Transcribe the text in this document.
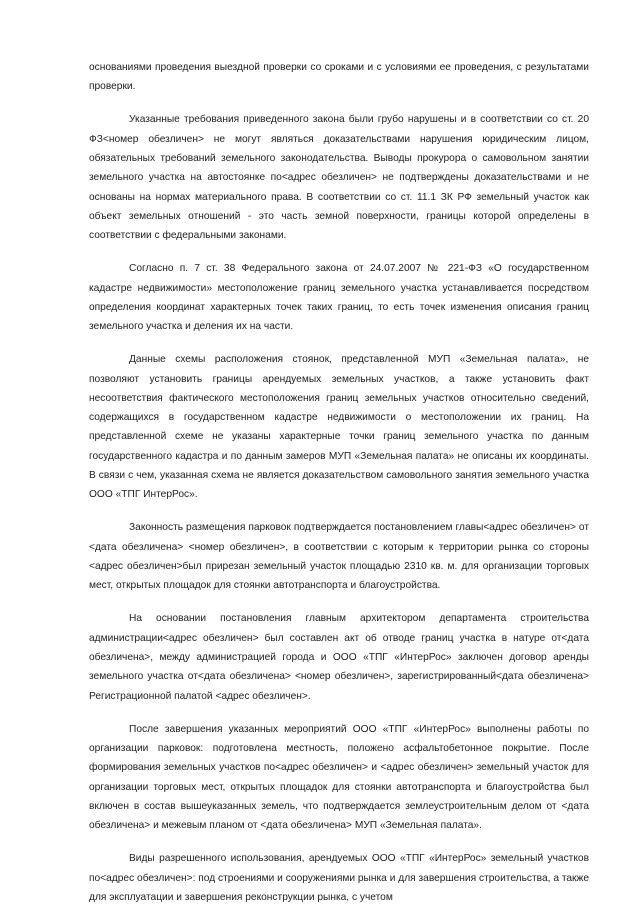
основаниями проведения выездной проверки со сроками и с условиями ее проведения, с результатами проверки.

Указанные требования приведенного закона были грубо нарушены и в соответствии со ст. 20 ФЗ<номер обезличен> не могут являться доказательствами нарушения юридическим лицом, обязательных требований земельного законодательства. Выводы прокурора о самовольном занятии земельного участка на автостоянке по<адрес обезличен> не подтверждены доказательствами и не основаны на нормах материального права. В соответствии со ст. 11.1 ЗК РФ земельный участок как объект земельных отношений - это часть земной поверхности, границы которой определены в соответствии с федеральными законами.

Согласно п. 7 ст. 38 Федерального закона от 24.07.2007 № 221-ФЗ «О государственном кадастре недвижимости» местоположение границ земельного участка устанавливается посредством определения координат характерных точек таких границ, то есть точек изменения описания границ земельного участка и деления их на части.

Данные схемы расположения стоянок, представленной МУП «Земельная палата», не позволяют установить границы арендуемых земельных участков, а также установить факт несоответствия фактического местоположения границ земельных участков относительно сведений, содержащихся в государственном кадастре недвижимости о местоположении их границ. На представленной схеме не указаны характерные точки границ земельного участка по данным государственного кадастра и по данным замеров МУП «Земельная палата» не описаны их координаты. В связи с чем, указанная схема не является доказательством самовольного занятия земельного участка ООО «ТПГ ИнтерРос».

Законность размещения парковок подтверждается постановлением главы<адрес обезличен> от <дата обезличена> <номер обезличен>, в соответствии с которым к территории рынка со стороны <адрес обезличен>был прирезан земельный участок площадью 2310 кв. м. для организации торговых мест, открытых площадок для стоянки автотранспорта и благоустройства.

На основании постановления главным архитектором департамента строительства администрации<адрес обезличен> был составлен акт об отводе границ участка в натуре от<дата обезличена>, между администрацией города и ООО «ТПГ «ИнтерРос» заключен договор аренды земельного участка от<дата обезличена> <номер обезличен>, зарегистрированный<дата обезличена> Регистрационной палатой <адрес обезличен>.

После завершения указанных мероприятий ООО «ТПГ «ИнтерРос» выполнены работы по организации парковок: подготовлена местность, положено асфальтобетонное покрытие. После формирования земельных участков по<адрес обезличен> и <адрес обезличен> земельный участок для организации торговых мест, открытых площадок для стоянки автотранспорта и благоустройства был включен в состав вышеуказанных земель, что подтверждается землеустроительным делом от <дата обезличена> и межевым планом от <дата обезличена> МУП «Земельная палата».

Виды разрешенного использования, арендуемых ООО «ТПГ «ИнтерРос» земельный участков по<адрес обезличен>: под строениями и сооружениями рынка и для завершения строительства, а также для эксплуатации и завершения реконструкции рынка, с учетом
